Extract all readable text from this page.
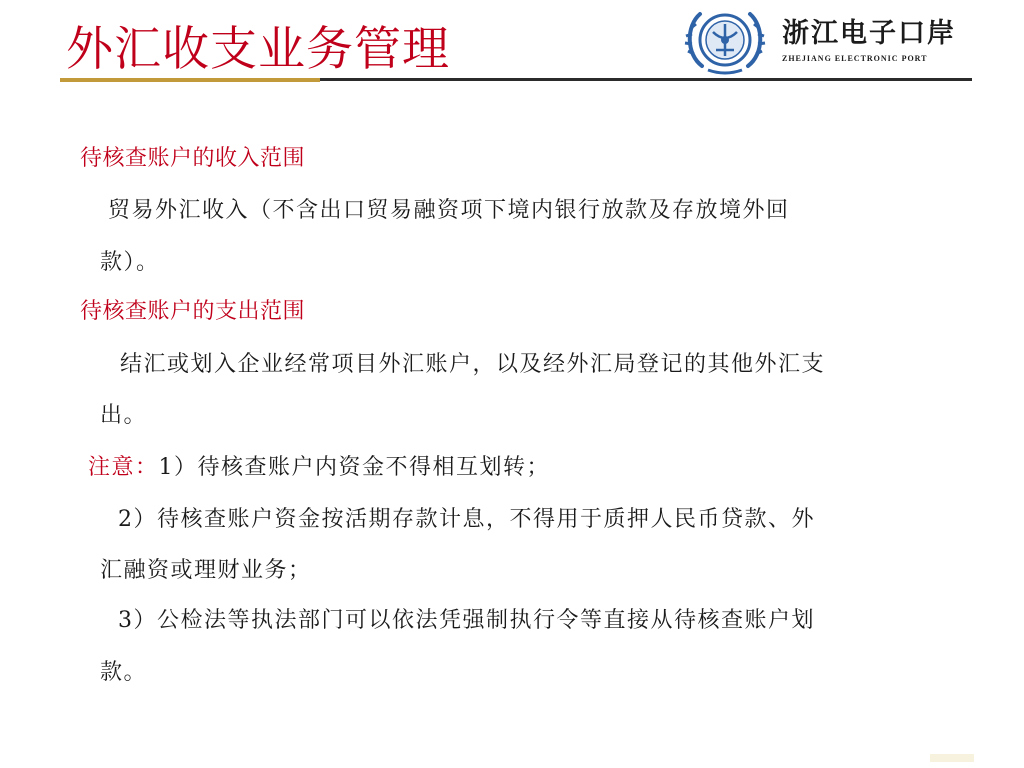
外汇收支业务管理	浙江电子口岸
ZHEJIANG ELECTRONIC PORT
待核查账户的收入范围
贸易外汇收入（不含出口贸易融资项下境内银行放款及存放境外回
款）。
待核查账户的支出范围
结汇或划入企业经常项目外汇账户，以及经外汇局登记的其他外汇支
出。
注意：1）待核查账户内资金不得相互划转；
2）待核查账户资金按活期存款计息，不得用于质押人民币贷款、外
汇融资或理财业务；
3）公检法等执法部门可以依法凭强制执行令等直接从待核查账户划
款。
